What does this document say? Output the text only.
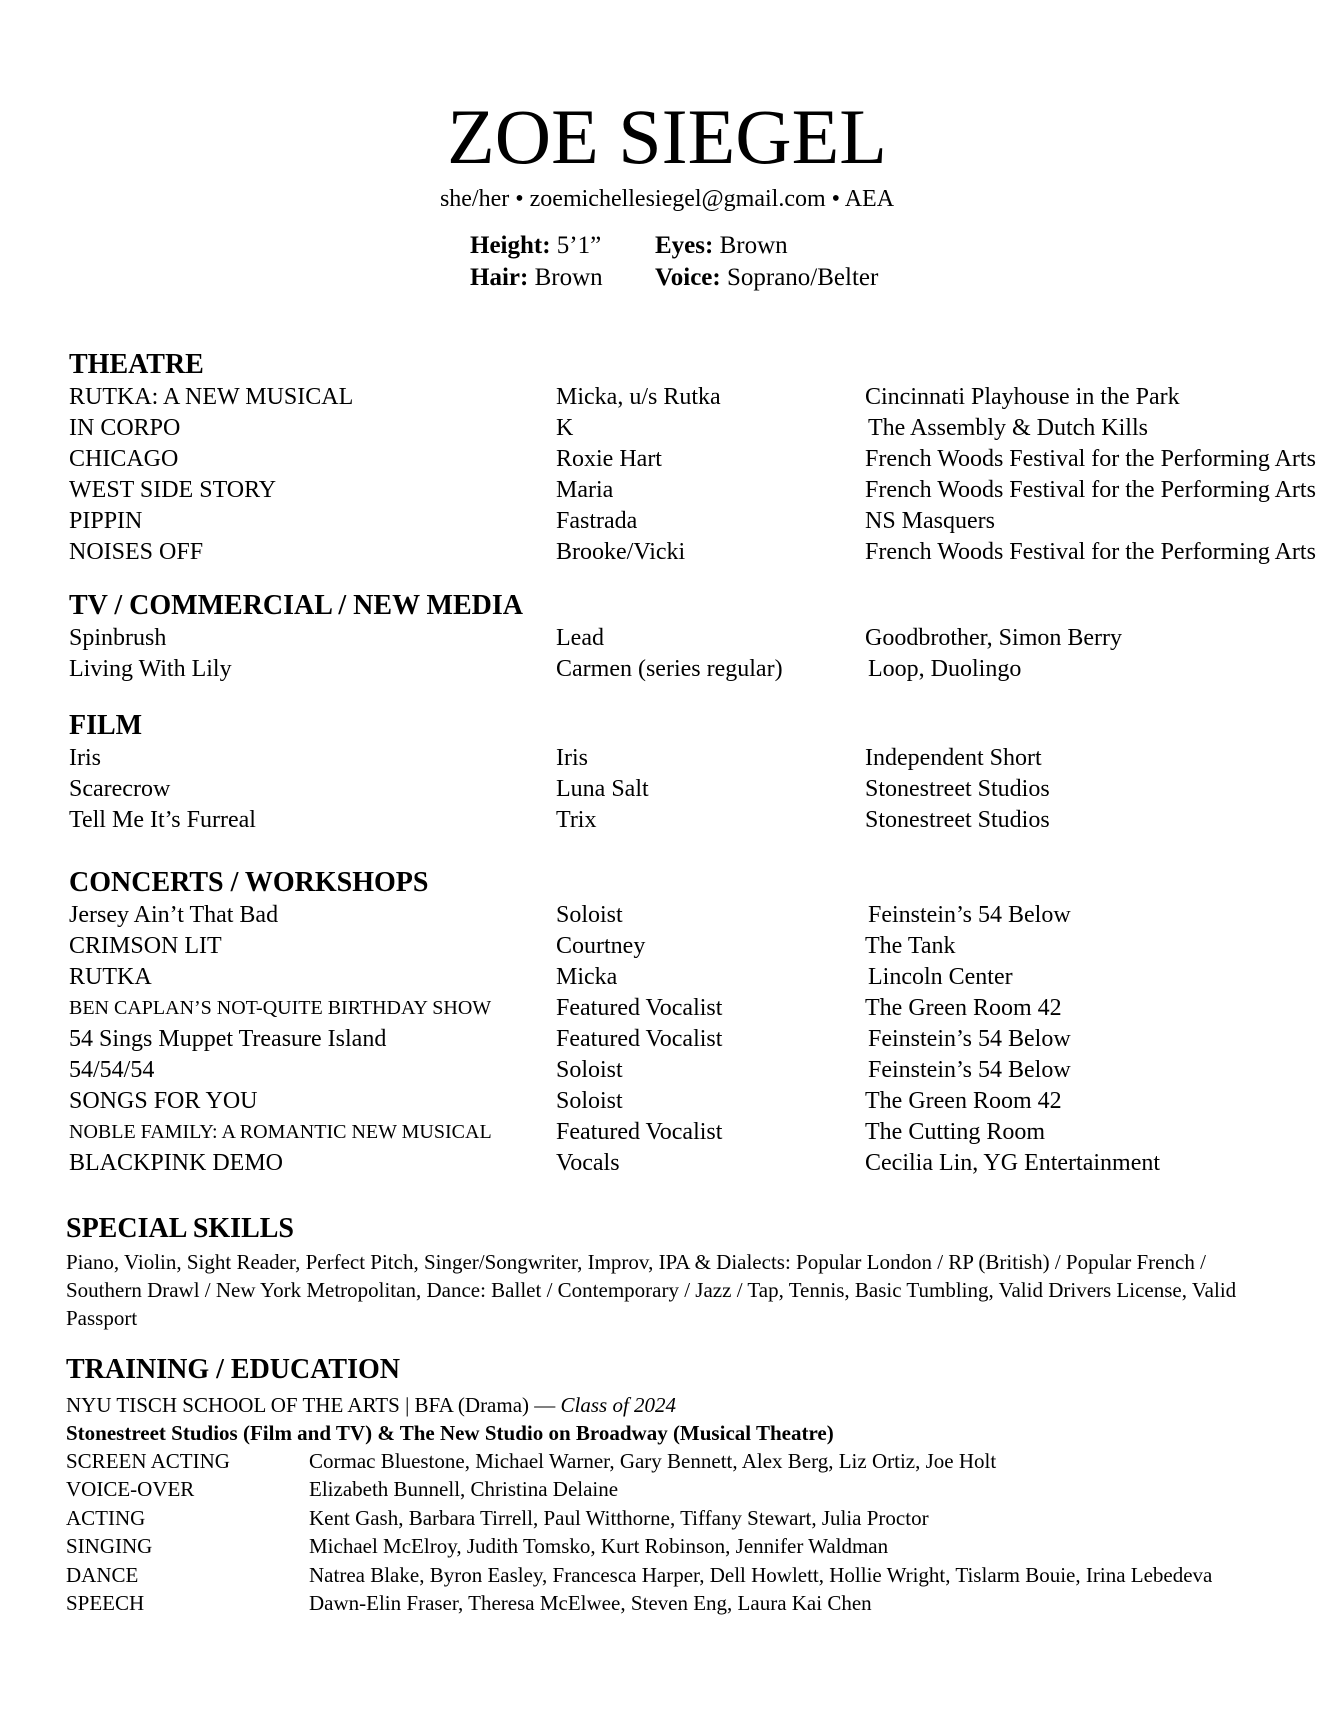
ZOE SIEGEL
she/her • zoemichellesiegel@gmail.com • AEA
Height: 5’1” Eyes: Brown
Hair: Brown Voice: Soprano/Belter
THEATRE
RUTKA: A NEW MUSICAL	Micka, u/s Rutka	Cincinnati Playhouse in the Park
IN CORPO	K	The Assembly & Dutch Kills
CHICAGO	Roxie Hart	French Woods Festival for the Performing Arts
WEST SIDE STORY	Maria	French Woods Festival for the Performing Arts
PIPPIN	Fastrada	NS Masquers
NOISES OFF	Brooke/Vicki	French Woods Festival for the Performing Arts
TV / COMMERCIAL / NEW MEDIA
Spinbrush	Lead	Goodbrother, Simon Berry
Living With Lily	Carmen (series regular)	Loop, Duolingo
FILM
Iris	Iris	Independent Short
Scarecrow	Luna Salt	Stonestreet Studios
Tell Me It’s Furreal	Trix	Stonestreet Studios
CONCERTS / WORKSHOPS
Jersey Ain’t That Bad	Soloist	Feinstein’s 54 Below
CRIMSON LIT	Courtney	The Tank
RUTKA	Micka	Lincoln Center
BEN CAPLAN’S NOT-QUITE BIRTHDAY SHOW	Featured Vocalist	The Green Room 42
54 Sings Muppet Treasure Island	Featured Vocalist	Feinstein’s 54 Below
54/54/54	Soloist	Feinstein’s 54 Below
SONGS FOR YOU	Soloist	The Green Room 42
NOBLE FAMILY: A ROMANTIC NEW MUSICAL	Featured Vocalist	The Cutting Room
BLACKPINK DEMO	Vocals	Cecilia Lin, YG Entertainment
SPECIAL SKILLS
Piano, Violin, Sight Reader, Perfect Pitch, Singer/Songwriter, Improv, IPA & Dialects: Popular London / RP (British) / Popular French / Southern Drawl / New York Metropolitan, Dance: Ballet / Contemporary / Jazz / Tap, Tennis, Basic Tumbling, Valid Drivers License, Valid Passport
TRAINING / EDUCATION
NYU TISCH SCHOOL OF THE ARTS | BFA (Drama) — Class of 2024
Stonestreet Studios (Film and TV) & The New Studio on Broadway (Musical Theatre)
SCREEN ACTING	Cormac Bluestone, Michael Warner, Gary Bennett, Alex Berg, Liz Ortiz, Joe Holt
VOICE-OVER	Elizabeth Bunnell, Christina Delaine
ACTING	Kent Gash, Barbara Tirrell, Paul Witthorne, Tiffany Stewart, Julia Proctor
SINGING	Michael McElroy, Judith Tomsko, Kurt Robinson, Jennifer Waldman
DANCE	Natrea Blake, Byron Easley, Francesca Harper, Dell Howlett, Hollie Wright, Tislarm Bouie, Irina Lebedeva
SPEECH	Dawn-Elin Fraser, Theresa McElwee, Steven Eng, Laura Kai Chen
